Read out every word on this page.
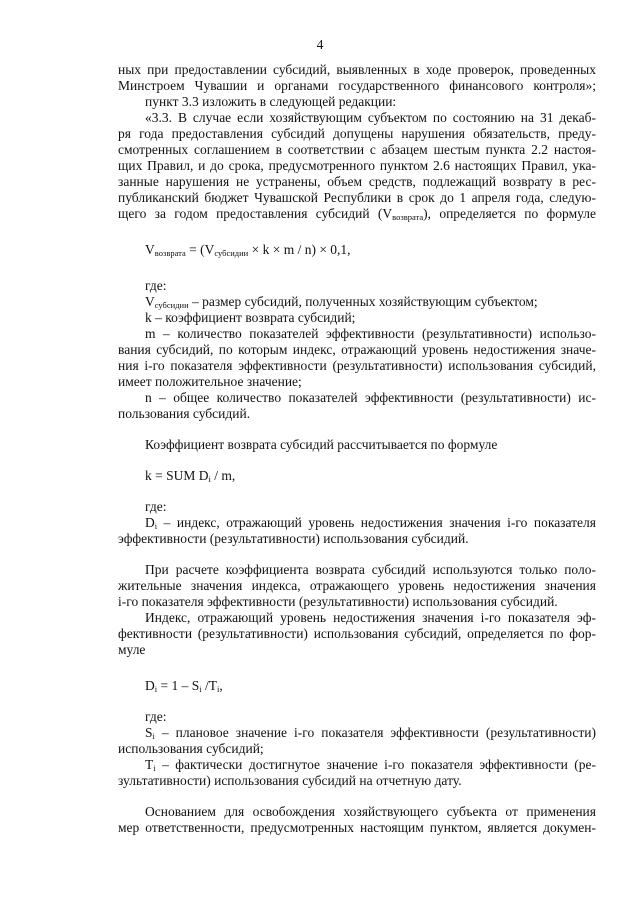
4
ных при предоставлении субсидий, выявленных в ходе проверок, проведенных
Минстроем Чувашии и органами государственного финансового контроля»;
пункт 3.3 изложить в следующей редакции:
«3.3. В случае если хозяйствующим субъектом по состоянию на 31 декаб-
ря года предоставления субсидий допущены нарушения обязательств, преду-
смотренных соглашением в соответствии с абзацем шестым пункта 2.2 настоя-
щих Правил, и до срока, предусмотренного пунктом 2.6 настоящих Правил, ука-
занные нарушения не устранены, объем средств, подлежащий возврату в рес-
публиканский бюджет Чувашской Республики в срок до 1 апреля года, следую-
щего за годом предоставления субсидий (Vвозврата), определяется по формуле
Vвозврата = (Vсубсидии × k × m / n) × 0,1,
где:
Vсубсидии – размер субсидий, полученных хозяйствующим субъектом;
k – коэффициент возврата субсидий;
m – количество показателей эффективности (результативности) использо-
вания субсидий, по которым индекс, отражающий уровень недостижения значе-
ния i-го показателя эффективности (результативности) использования субсидий,
имеет положительное значение;
n – общее количество показателей эффективности (результативности) ис-
пользования субсидий.
Коэффициент возврата субсидий рассчитывается по формуле
k = SUM Di / m,
где:
Di – индекс, отражающий уровень недостижения значения i-го показателя
эффективности (результативности) использования субсидий.
При расчете коэффициента возврата субсидий используются только поло-
жительные значения индекса, отражающего уровень недостижения значения
i-го показателя эффективности (результативности) использования субсидий.
Индекс, отражающий уровень недостижения значения i-го показателя эф-
фективности (результативности) использования субсидий, определяется по фор-
муле
Di = 1 – Si /Ti,
где:
Si – плановое значение i-го показателя эффективности (результативности)
использования субсидий;
Ti – фактически достигнутое значение i-го показателя эффективности (ре-
зультативности) использования субсидий на отчетную дату.
Основанием для освобождения хозяйствующего субъекта от применения
мер ответственности, предусмотренных настоящим пунктом, является докумен-
